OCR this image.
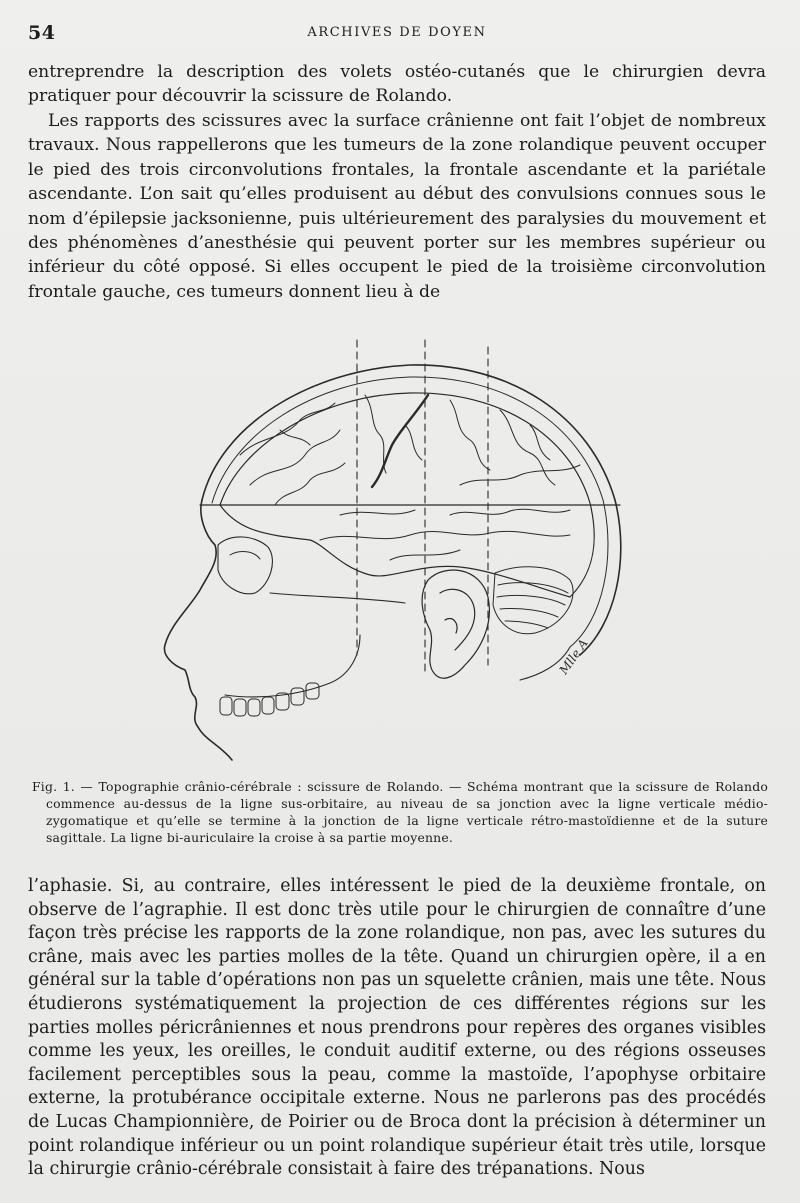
54	ARCHIVES DE DOYEN

entreprendre la description des volets ostéo-cutanés que le chirurgien devra pratiquer pour découvrir la scissure de Rolando.

Les rapports des scissures avec la surface crânienne ont fait l’objet de nombreux travaux. Nous rappellerons que les tumeurs de la zone rolandique peuvent occuper le pied des trois circonvolutions frontales, la frontale ascendante et la pariétale ascendante. L’on sait qu’elles produisent au début des convulsions connues sous le nom d’épilepsie jacksonienne, puis ultérieurement des paralysies du mouvement et des phénomènes d’anesthésie qui peuvent porter sur les membres supérieur ou inférieur du côté opposé. Si elles occupent le pied de la troisième circonvolution frontale gauche, ces tumeurs donnent lieu à de

Mlle A

Fig. 1. — Topographie crânio-cérébrale : scissure de Rolando. — Schéma montrant que la scissure de Rolando commence au-dessus de la ligne sus-orbitaire, au niveau de sa jonction avec la ligne verticale médio-zygomatique et qu’elle se termine à la jonction de la ligne verticale rétro-mastoïdienne et de la suture sagittale. La ligne bi-auriculaire la croise à sa partie moyenne.

l’aphasie. Si, au contraire, elles intéressent le pied de la deuxième frontale, on observe de l’agraphie. Il est donc très utile pour le chirurgien de connaître d’une façon très précise les rapports de la zone rolandique, non pas, avec les sutures du crâne, mais avec les parties molles de la tête. Quand un chirurgien opère, il a en général sur la table d’opérations non pas un squelette crânien, mais une tête. Nous étudierons systématiquement la projection de ces différentes régions sur les parties molles péricrâniennes et nous prendrons pour repères des organes visibles comme les yeux, les oreilles, le conduit auditif externe, ou des régions osseuses facilement perceptibles sous la peau, comme la mastoïde, l’apophyse orbitaire externe, la protubérance occipitale externe. Nous ne parlerons pas des procédés de Lucas Championnière, de Poirier ou de Broca dont la précision à déterminer un point rolandique inférieur ou un point rolandique supérieur était très utile, lorsque la chirurgie crânio-cérébrale consistait à faire des trépanations. Nous
